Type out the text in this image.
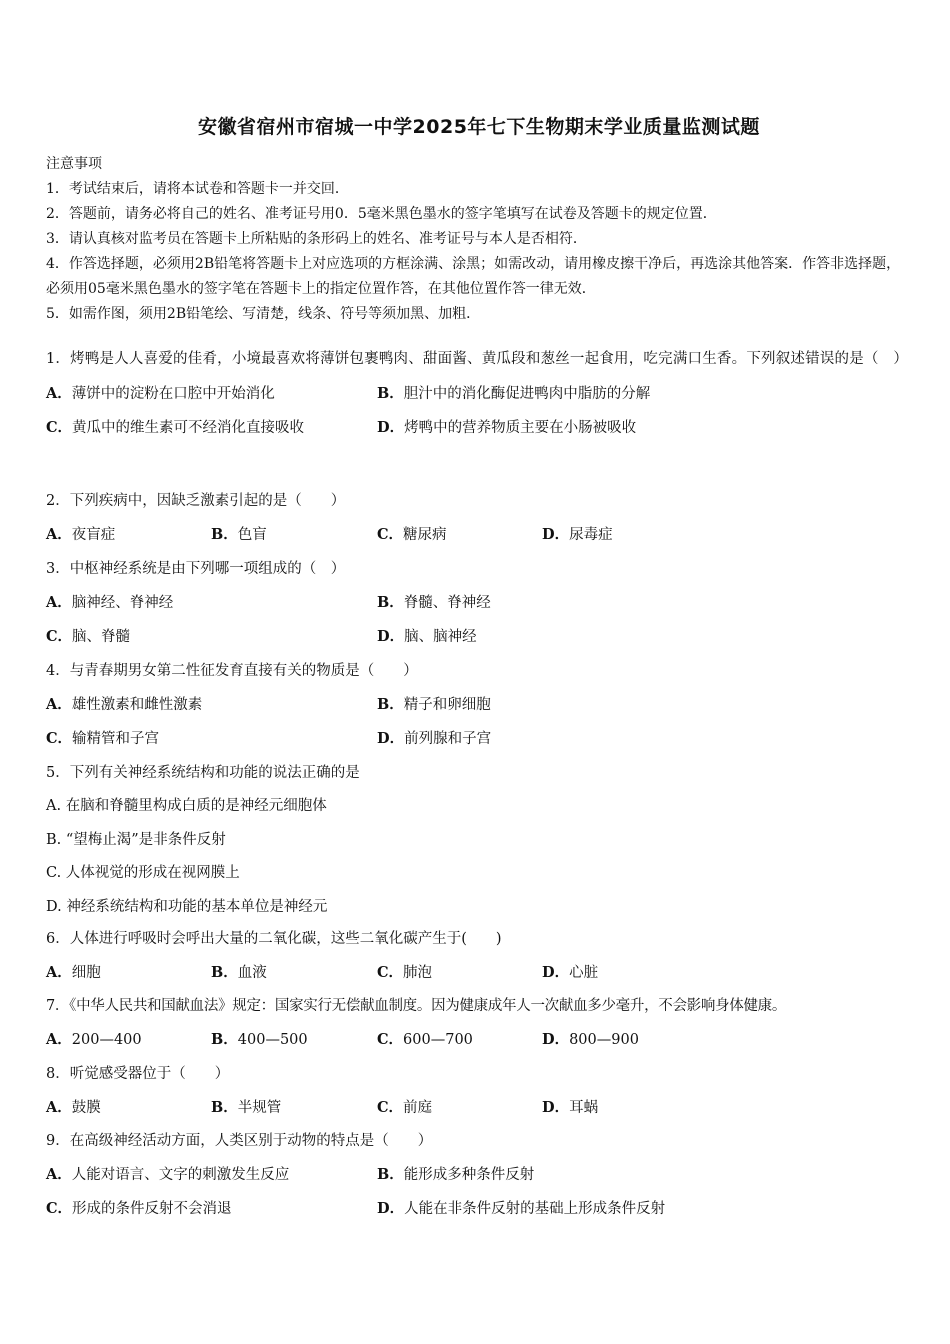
安徽省宿州市宿城一中学2025年七下生物期末学业质量监测试题
注意事项
1．考试结束后，请将本试卷和答题卡一并交回．
2．答题前，请务必将自己的姓名、准考证号用0．5毫米黑色墨水的签字笔填写在试卷及答题卡的规定位置．
3．请认真核对监考员在答题卡上所粘贴的条形码上的姓名、准考证号与本人是否相符．
4．作答选择题，必须用2B铅笔将答题卡上对应选项的方框涂满、涂黑；如需改动，请用橡皮擦干净后，再选涂其他答案．作答非选择题，必须用05毫米黑色墨水的签字笔在答题卡上的指定位置作答，在其他位置作答一律无效．
5．如需作图，须用2B铅笔绘、写清楚，线条、符号等须加黑、加粗．
1．烤鸭是人人喜爱的佳肴，小境最喜欢将薄饼包裹鸭肉、甜面酱、黄瓜段和葱丝一起食用，吃完满口生香。下列叙述错误的是（　）
A．薄饼中的淀粉在口腔中开始消化	B．胆汁中的消化酶促进鸭肉中脂肪的分解
C．黄瓜中的维生素可不经消化直接吸收	D．烤鸭中的营养物质主要在小肠被吸收
2．下列疾病中，因缺乏激素引起的是（　　）
A．夜盲症	B．色盲	C．糖尿病	D．尿毒症
3．中枢神经系统是由下列哪一项组成的（　）
A．脑神经、脊神经	B．脊髓、脊神经
C．脑、脊髓	D．脑、脑神经
4．与青春期男女第二性征发育直接有关的物质是（　　）
A．雄性激素和雌性激素	B．精子和卵细胞
C．输精管和子宫	D．前列腺和子宫
5．下列有关神经系统结构和功能的说法正确的是
A. 在脑和脊髓里构成白质的是神经元细胞体
B. “望梅止渴”是非条件反射
C. 人体视觉的形成在视网膜上
D. 神经系统结构和功能的基本单位是神经元
6．人体进行呼吸时会呼出大量的二氧化碳，这些二氧化碳产生于(　　)
A．细胞	B．血液	C．肺泡	D．心脏
7．《中华人民共和国献血法》规定：国家实行无偿献血制度。因为健康成年人一次献血多少毫升，不会影响身体健康。
A．200—400	B．400—500	C．600—700	D．800—900
8．听觉感受器位于（　　）
A．鼓膜	B．半规管	C．前庭	D．耳蜗
9．在高级神经活动方面，人类区别于动物的特点是（　　）
A．人能对语言、文字的刺激发生反应	B．能形成多种条件反射
C．形成的条件反射不会消退	D．人能在非条件反射的基础上形成条件反射
